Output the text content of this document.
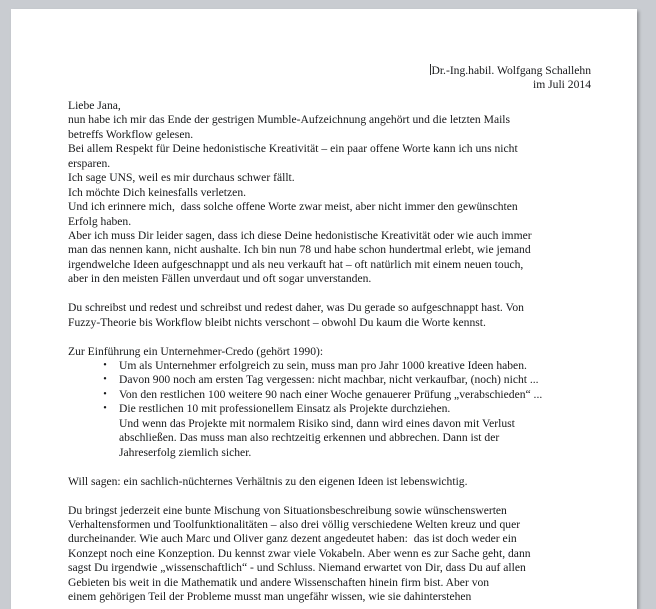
Dr.-Ing.habil. Wolfgang Schallehn
im Juli 2014

Liebe Jana,
nun habe ich mir das Ende der gestrigen Mumble-Aufzeichnung angehört und die letzten Mails
betreffs Workflow gelesen.
Bei allem Respekt für Deine hedonistische Kreativität – ein paar offene Worte kann ich uns nicht
ersparen.
Ich sage UNS, weil es mir durchaus schwer fällt.
Ich möchte Dich keinesfalls verletzen.
Und ich erinnere mich,  dass solche offene Worte zwar meist, aber nicht immer den gewünschten
Erfolg haben.
Aber ich muss Dir leider sagen, dass ich diese Deine hedonistische Kreativität oder wie auch immer
man das nennen kann, nicht aushalte. Ich bin nun 78 und habe schon hundertmal erlebt, wie jemand
irgendwelche Ideen aufgeschnappt und als neu verkauft hat – oft natürlich mit einem neuen touch,
aber in den meisten Fällen unverdaut und oft sogar unverstanden.

Du schreibst und redest und schreibst und redest daher, was Du gerade so aufgeschnappt hast. Von
Fuzzy-Theorie bis Workflow bleibt nichts verschont – obwohl Du kaum die Worte kennst.

Zur Einführung ein Unternehmer-Credo (gehört 1990):

• Um als Unternehmer erfolgreich zu sein, muss man pro Jahr 1000 kreative Ideen haben.
• Davon 900 noch am ersten Tag vergessen: nicht machbar, nicht verkaufbar, (noch) nicht ...
• Von den restlichen 100 weitere 90 nach einer Woche genauerer Prüfung „verabschieden“ ...
• Die restlichen 10 mit professionellem Einsatz als Projekte durchziehen.
Und wenn das Projekte mit normalem Risiko sind, dann wird eines davon mit Verlust
abschließen. Das muss man also rechtzeitig erkennen und abbrechen. Dann ist der
Jahreserfolg ziemlich sicher.

Will sagen: ein sachlich-nüchternes Verhältnis zu den eigenen Ideen ist lebenswichtig.

Du bringst jederzeit eine bunte Mischung von Situationsbeschreibung sowie wünschenswerten
Verhaltensformen und Toolfunktionalitäten – also drei völlig verschiedene Welten kreuz und quer
durcheinander. Wie auch Marc und Oliver ganz dezent angedeutet haben:  das ist doch weder ein
Konzept noch eine Konzeption. Du kennst zwar viele Vokabeln. Aber wenn es zur Sache geht, dann
sagst Du irgendwie „wissenschaftlich“ - und Schluss. Niemand erwartet von Dir, dass Du auf allen
Gebieten bis weit in die Mathematik und andere Wissenschaften hinein firm bist. Aber von
einem gehörigen Teil der Probleme musst man ungefähr wissen, wie sie dahinterstehen
